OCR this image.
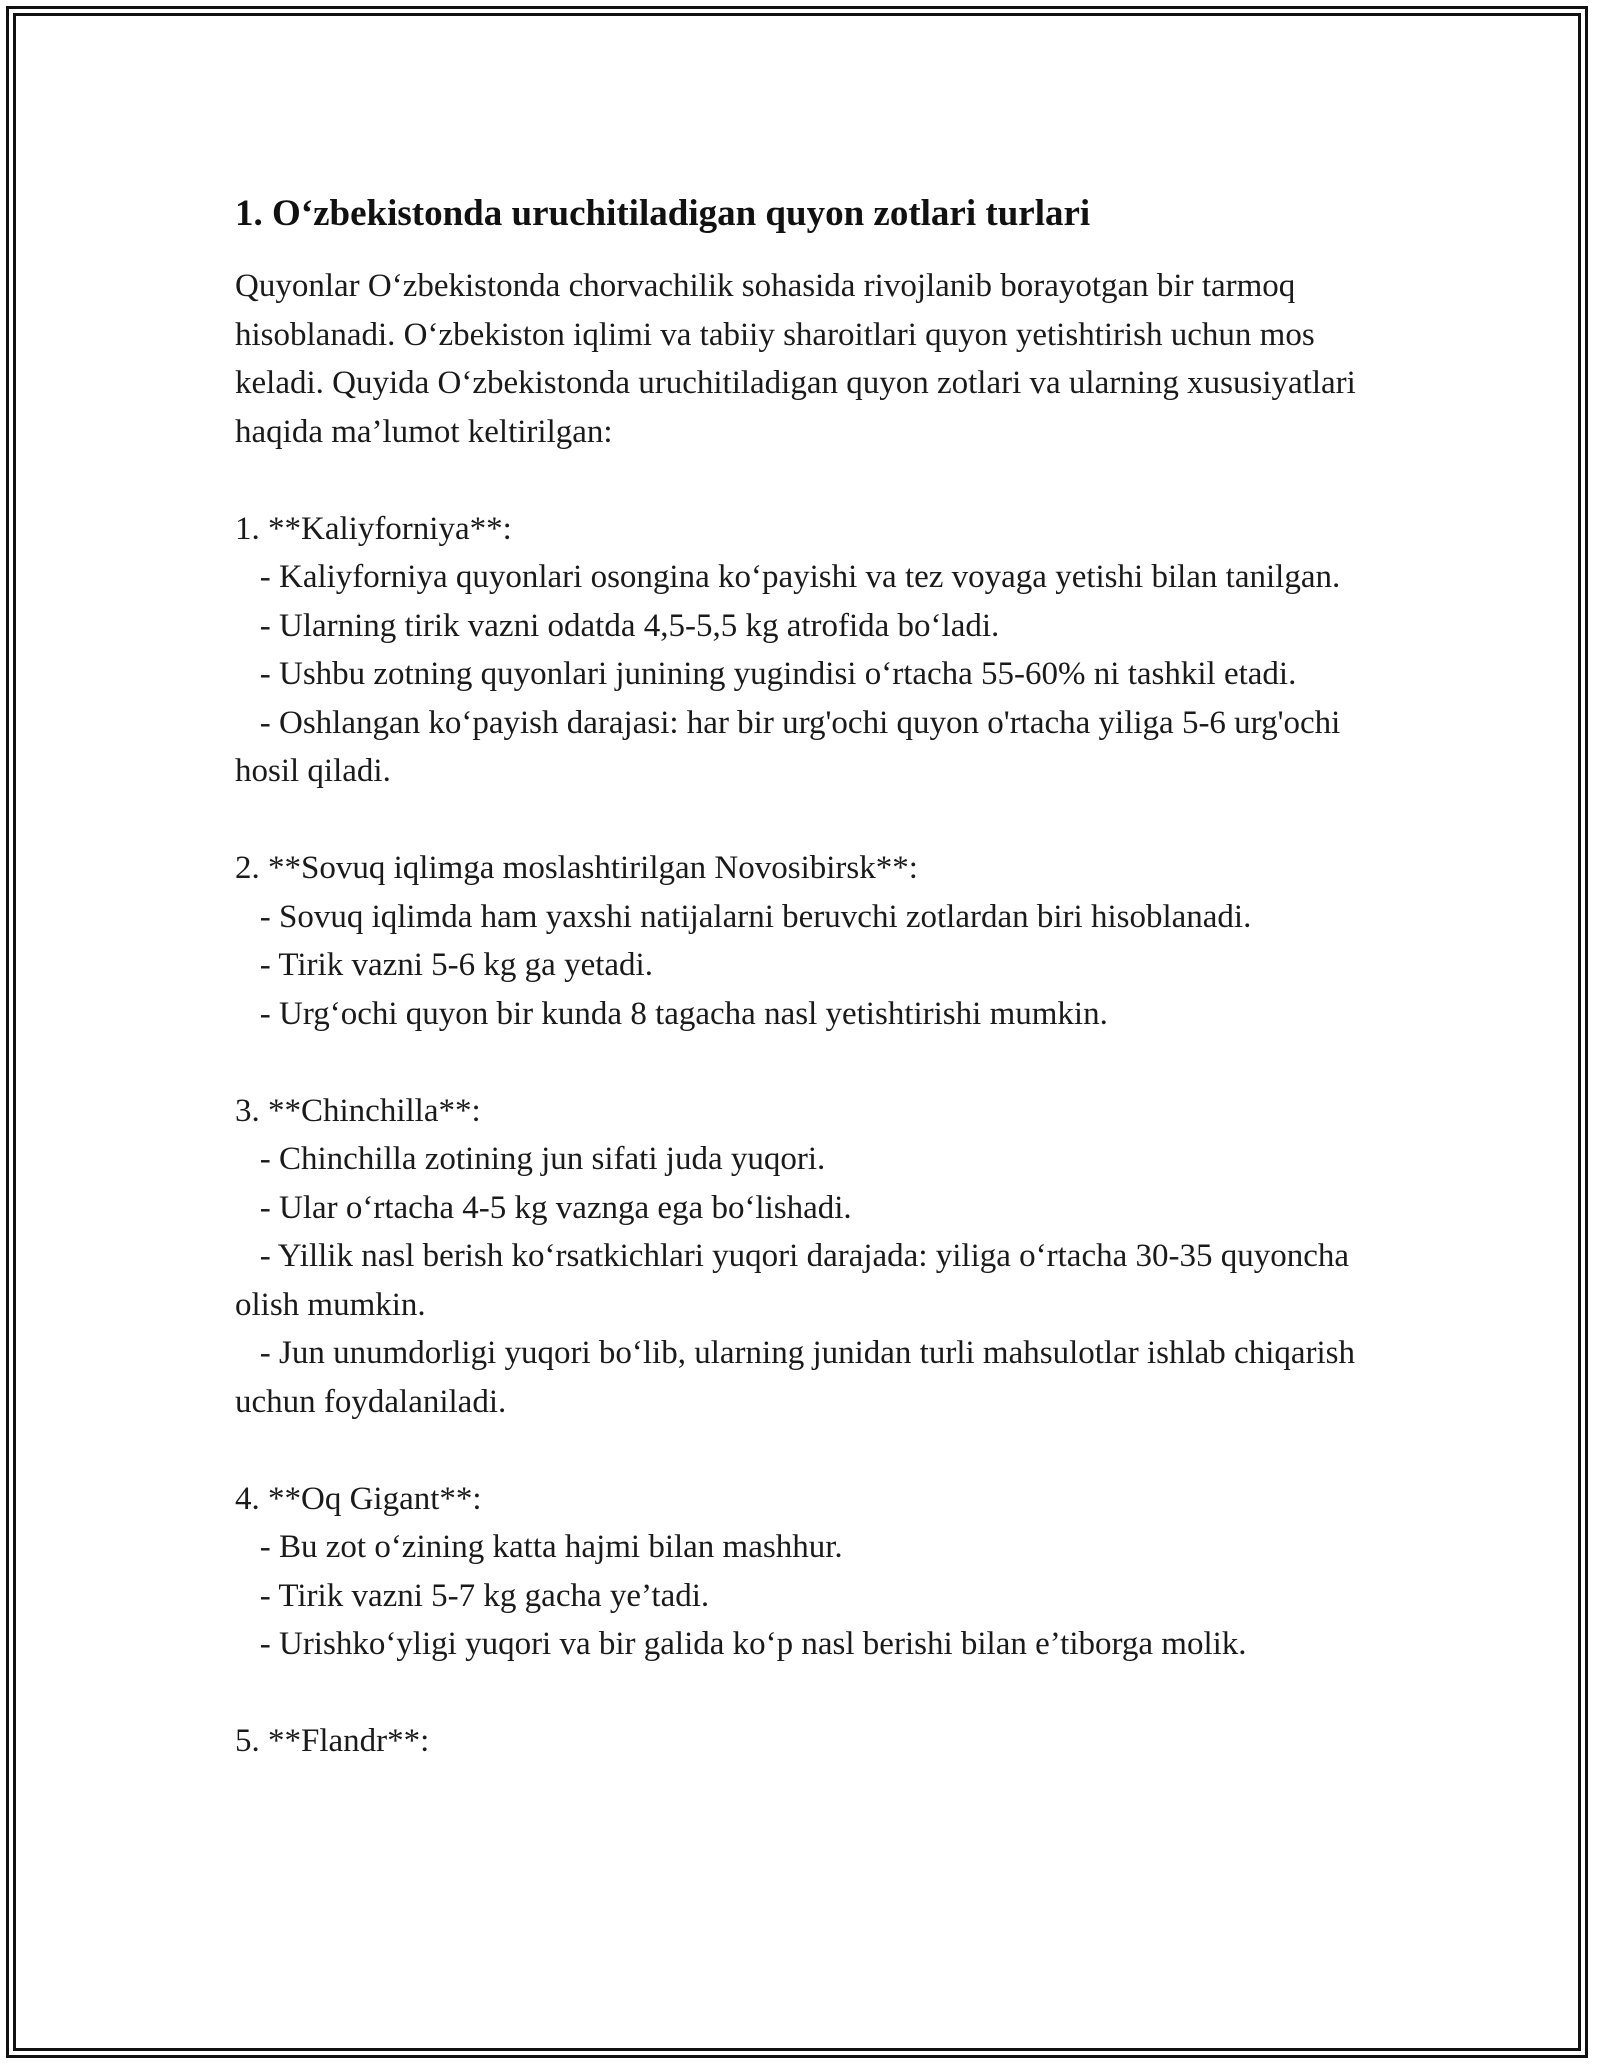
1. O‘zbekistonda uruchitiladigan quyon zotlari turlari

Quyonlar O‘zbekistonda chorvachilik sohasida rivojlanib borayotgan bir tarmoq hisoblanadi. O‘zbekiston iqlimi va tabiiy sharoitlari quyon yetishtirish uchun mos keladi. Quyida O‘zbekistonda uruchitiladigan quyon zotlari va ularning xususiyatlari haqida ma’lumot keltirilgan:

1. **Kaliyforniya**:
- Kaliyforniya quyonlari osongina ko‘payishi va tez voyaga yetishi bilan tanilgan.
- Ularning tirik vazni odatda 4,5-5,5 kg atrofida bo‘ladi.
- Ushbu zotning quyonlari junining yugindisi o‘rtacha 55-60% ni tashkil etadi.
- Oshlangan ko‘payish darajasi: har bir urg'ochi quyon o'rtacha yiliga 5-6 urg'ochi hosil qiladi.
2. **Sovuq iqlimga moslashtirilgan Novosibirsk**:
- Sovuq iqlimda ham yaxshi natijalarni beruvchi zotlardan biri hisoblanadi.
- Tirik vazni 5-6 kg ga yetadi.
- Urg‘ochi quyon bir kunda 8 tagacha nasl yetishtirishi mumkin.
3. **Chinchilla**:
- Chinchilla zotining jun sifati juda yuqori.
- Ular o‘rtacha 4-5 kg vaznga ega bo‘lishadi.
- Yillik nasl berish ko‘rsatkichlari yuqori darajada: yiliga o‘rtacha 30-35 quyoncha olish mumkin.
- Jun unumdorligi yuqori bo‘lib, ularning junidan turli mahsulotlar ishlab chiqarish uchun foydalaniladi.
4. **Oq Gigant**:
- Bu zot o‘zining katta hajmi bilan mashhur.
- Tirik vazni 5-7 kg gacha ye’tadi.
- Urishko‘yligi yuqori va bir galida ko‘p nasl berishi bilan e’tiborga molik.
5. **Flandr**:
